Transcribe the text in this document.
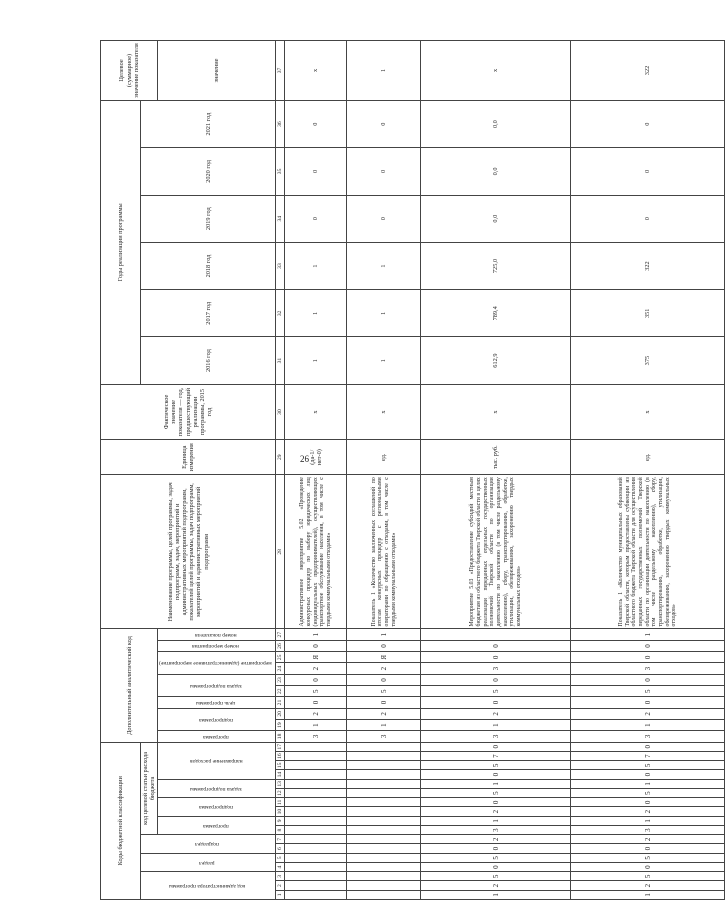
26
Коды бюджетной классификации																	Дополнительный аналитический код										Наименование программы, целей программы, задач подпрограмм, задач, мероприятий и административных мероприятий подпрограмм, показателей целей программы, задач подпрограмм, мероприятий и административных мероприятий подпрограмм	Единица измерения	Фактическое значение показателя — год, предшествующий реализации программы, 2015 год	Годы реализации программы						Целевое (суммарное) значение показателя
код администратора программы			раздел		подраздел		код целевой статьи расхода бюджета																							2016 год	2017 год	2018 год	2019 год	2020 год	2021 год	
							программа		подпрограмма		задача подпрограммы		направление расходов				программа	подпрограмма		цель программы	задача подпрограммы		мероприятие (административное мероприятие)		номер мероприятия	номер показателя										значение
1	2	3	4	5	6	7	8	9	10	11	12	13	14	15	16	17	18	19	20	21	22	23	24	25	26	27	28	29	30	31	32	33	34	35	36	37
																	3	1	2	0	5	0	2	Я	0	1	Административное мероприятие 5.02 «Проведение конкурсных процедур по выбору юридических лиц (индивидуальных предпринимателей), осуществляющих транспортное обслуживание населения, в том числе с твердыми коммунальными отходами»	(да-1/нет-0)	x	1	1	1	0	0	0	x
																	3	1	2	0	5	0	2	Я	0	1	Показатель 1 «Количество заключенных соглашений по итогам конкурсных процедур с региональными операторами по обращению с отходами, в том числе с твердыми коммунальными отходами»	ед.	x	1	1	1	0	0	0	1
1	2	5	0	5	0	2	3	1	2	0	5	1	0	5	7	0	3	1	2	0	5	0	3	0	0		Мероприятие 5.03 «Предоставление субсидий местным бюджетам из областного бюджета Тверской области в целях реализации переданных отдельных государственных полномочий Тверской области по организации деятельности по накоплению (в том числе раздельному накоплению), сбору, транспортированию, обработке, утилизации, обезвреживанию, захоронению твердых коммунальных отходов»	тыс. руб.	x	612,9	789,4	725,0	0,0	0,0	0,0	x
1	2	5	0	5	0	2	3	1	2	0	5	1	0	5	7	0	3	1	2	0	5	0	3	0	0	1	Показатель 1 «Количество муниципальных образований Тверской области, которым предоставлены субвенции из областного бюджета Тверской области для осуществления переданных государственных полномочий Тверской области по организации деятельности по накоплению (в том числе раздельному накоплению), сбору, транспортированию, обработке, утилизации, обезвреживанию, захоронению твердых коммунальных отходов»	ед.	x	375	351	322	0	0	0	322
